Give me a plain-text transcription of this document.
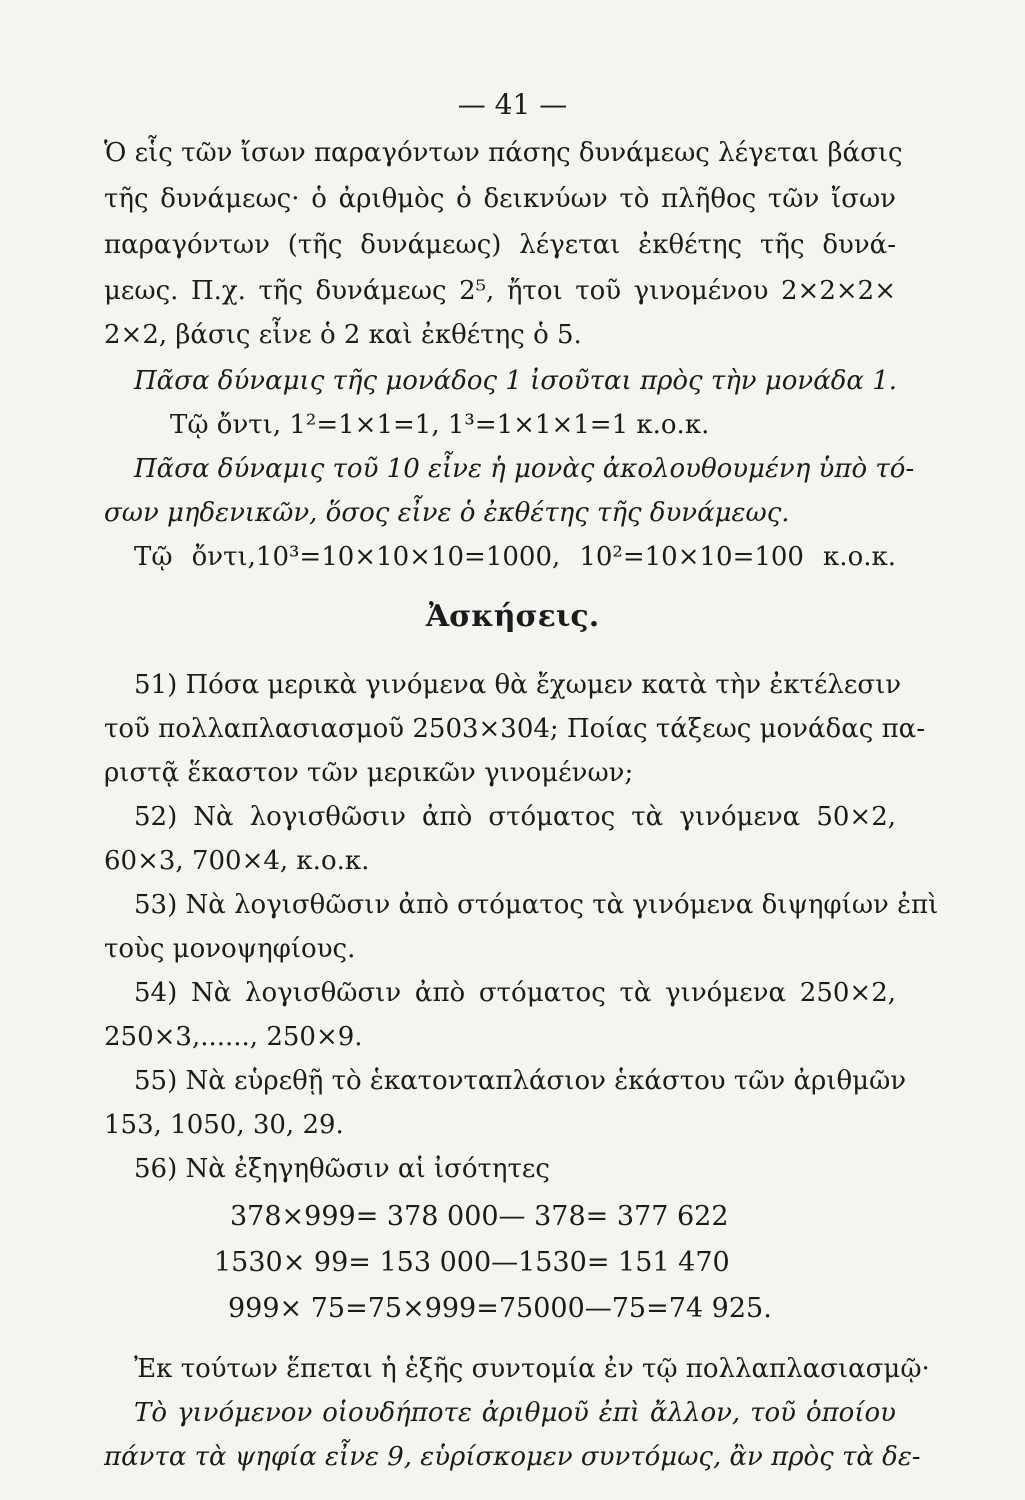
— 41 —
Ὁ εἷς τῶν ἴσων παραγόντων πάσης δυνάμεως λέγεται βάσις
τῆς δυνάμεως· ὁ ἀριθμὸς ὁ δεικνύων τὸ πλῆθος τῶν ἴσων
παραγόντων (τῆς δυνάμεως) λέγεται ἐκθέτης τῆς δυνά-
μεως. Π.χ. τῆς δυνάμεως 2⁵, ἤτοι τοῦ γινομένου 2×2×2×
2×2, βάσις εἶνε ὁ 2 καὶ ἐκθέτης ὁ 5.
Πᾶσα δύναμις τῆς μονάδος 1 ἰσοῦται πρὸς τὴν μονάδα 1.
Τῷ ὄντι, 1²=1×1=1, 1³=1×1×1=1 κ.ο.κ.
Πᾶσα δύναμις τοῦ 10 εἶνε ἡ μονὰς ἀκολουθουμένη ὑπὸ τό-
σων μηδενικῶν, ὅσος εἶνε ὁ ἐκθέτης τῆς δυνάμεως.
Τῷ ὄντι,10³=10×10×10=1000, 10²=10×10=100 κ.ο.κ.
Ἀσκήσεις.
51) Πόσα μερικὰ γινόμενα θὰ ἔχωμεν κατὰ τὴν ἐκτέλεσιν
τοῦ πολλαπλασιασμοῦ 2503×304; Ποίας τάξεως μονάδας πα-
ριστᾷ ἕκαστον τῶν μερικῶν γινομένων;
52) Νὰ λογισθῶσιν ἀπὸ στόματος τὰ γινόμενα 50×2,
60×3, 700×4, κ.ο.κ.
53) Νὰ λογισθῶσιν ἀπὸ στόματος τὰ γινόμενα διψηφίων ἐπὶ
τοὺς μονοψηφίους.
54) Νὰ λογισθῶσιν ἀπὸ στόματος τὰ γινόμενα 250×2,
250×3,......, 250×9.
55) Νὰ εὑρεθῇ τὸ ἑκατονταπλάσιον ἑκάστου τῶν ἀριθμῶν
153, 1050, 30, 29.
56) Νὰ ἐξηγηθῶσιν αἱ ἰσότητες
378×999= 378 000— 378= 377 622
1530× 99= 153 000—1530= 151 470
999× 75=75×999=75000—75=74 925.
Ἐκ τούτων ἕπεται ἡ ἑξῆς συντομία ἐν τῷ πολλαπλασιασμῷ·
Τὸ γινόμενον οἱουδήποτε ἀριθμοῦ ἐπὶ ἄλλον, τοῦ ὁποίου
πάντα τὰ ψηφία εἶνε 9, εὑρίσκομεν συντόμως, ἂν πρὸς τὰ δε-
